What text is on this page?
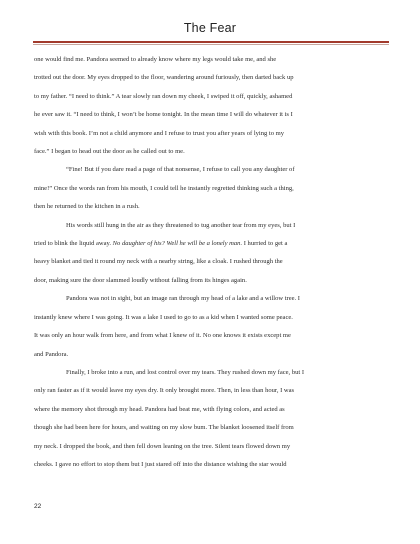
The Fear

one would find me. Pandora seemed to already know where my legs would take me, and she
trotted out the door. My eyes dropped to the floor, wandering around furiously, then darted back up
to my father. “I need to think.” A tear slowly ran down my cheek, I swiped it off, quickly, ashamed
he ever saw it. “I need to think, I won’t be home tonight. In the mean time I will do whatever it is I
wish with this book. I’m not a child anymore and I refuse to trust you after years of lying to my
face.” I began to head out the door as he called out to me.

“Fine! But if you dare read a page of that nonsense, I refuse to call you any daughter of
mine!” Once the words ran from his mouth, I could tell he instantly regretted thinking such a thing,
then he returned to the kitchen in a rush.

His words still hung in the air as they threatened to tug another tear from my eyes, but I
tried to blink the liquid away. No daughter of his? Well he will be a lonely man. I hurried to get a
heavy blanket and tied it round my neck with a nearby string, like a cloak. I rushed through the
door, making sure the door slammed loudly without falling from its hinges again.

Pandora was not in sight, but an image ran through my head of a lake and a willow tree. I
instantly knew where I was going. It was a lake I used to go to as a kid when I wanted some peace.
It was only an hour walk from here, and from what I knew of it. No one knows it exists except me
and Pandora.

Finally, I broke into a run, and lost control over my tears. They rushed down my face, but I
only ran faster as if it would leave my eyes dry. It only brought more. Then, in less than hour, I was
where the memory shot through my head. Pandora had beat me, with flying colors, and acted as
though she had been here for hours, and waiting on my slow bum. The blanket loosened itself from
my neck. I dropped the book, and then fell down leaning on the tree. Silent tears flowed down my
cheeks. I gave no effort to stop them but I just stared off into the distance wishing the star would

22
